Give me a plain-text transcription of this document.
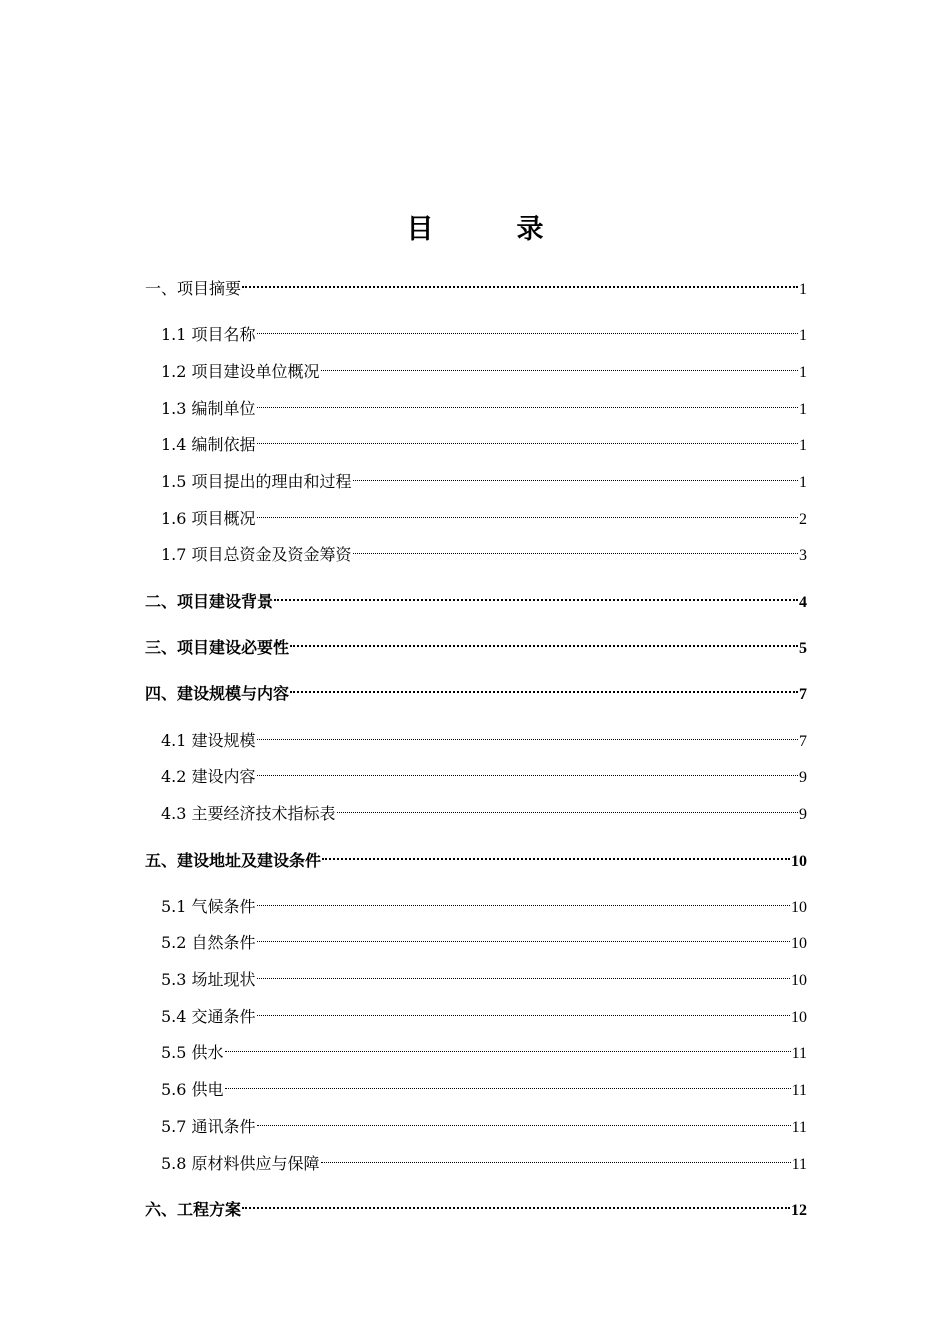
目　录
一、项目摘要	1
1.1 项目名称	1
1.2 项目建设单位概况	1
1.3 编制单位	1
1.4 编制依据	1
1.5 项目提出的理由和过程	1
1.6 项目概况	2
1.7 项目总资金及资金筹资	3
二、项目建设背景	4
三、项目建设必要性	5
四、建设规模与内容	7
4.1 建设规模	7
4.2 建设内容	9
4.3 主要经济技术指标表	9
五、建设地址及建设条件	10
5.1 气候条件	10
5.2 自然条件	10
5.3 场址现状	10
5.4 交通条件	10
5.5 供水	11
5.6 供电	11
5.7 通讯条件	11
5.8 原材料供应与保障	11
六、工程方案	12
